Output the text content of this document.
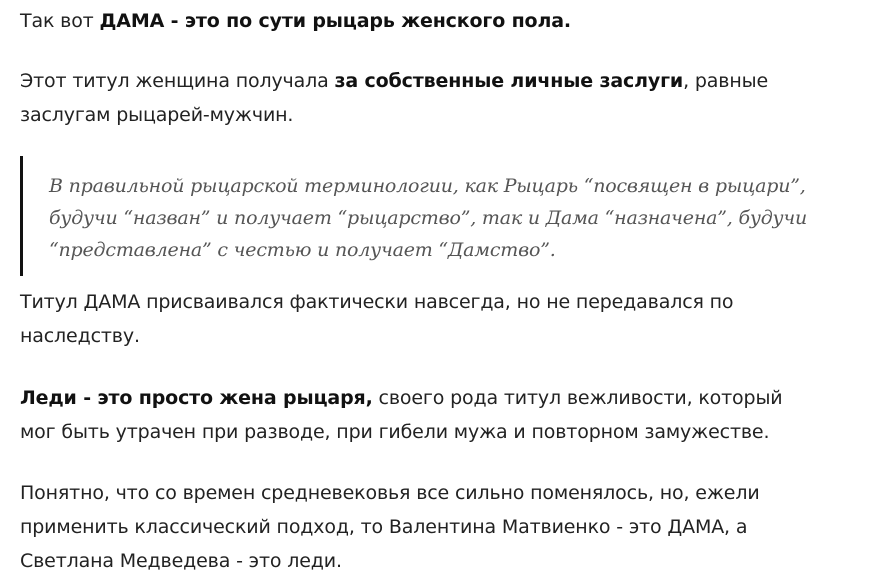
Так вот ДАМА - это по сути рыцарь женского пола.

Этот титул женщина получала за собственные личные заслуги, равные заслугам рыцарей-мужчин.

В правильной рыцарской терминологии, как Рыцарь “посвящен в рыцари”, будучи “назван” и получает “рыцарство”, так и Дама “назначена”, будучи “представлена” с честью и получает “Дамство”.

Титул ДАМА присваивался фактически навсегда, но не передавался по наследству.

Леди - это просто жена рыцаря, своего рода титул вежливости, который мог быть утрачен при разводе, при гибели мужа и повторном замужестве.

Понятно, что со времен средневековья все сильно поменялось, но, ежели применить классический подход, то Валентина Матвиенко - это ДАМА, а Светлана Медведева - это леди.
